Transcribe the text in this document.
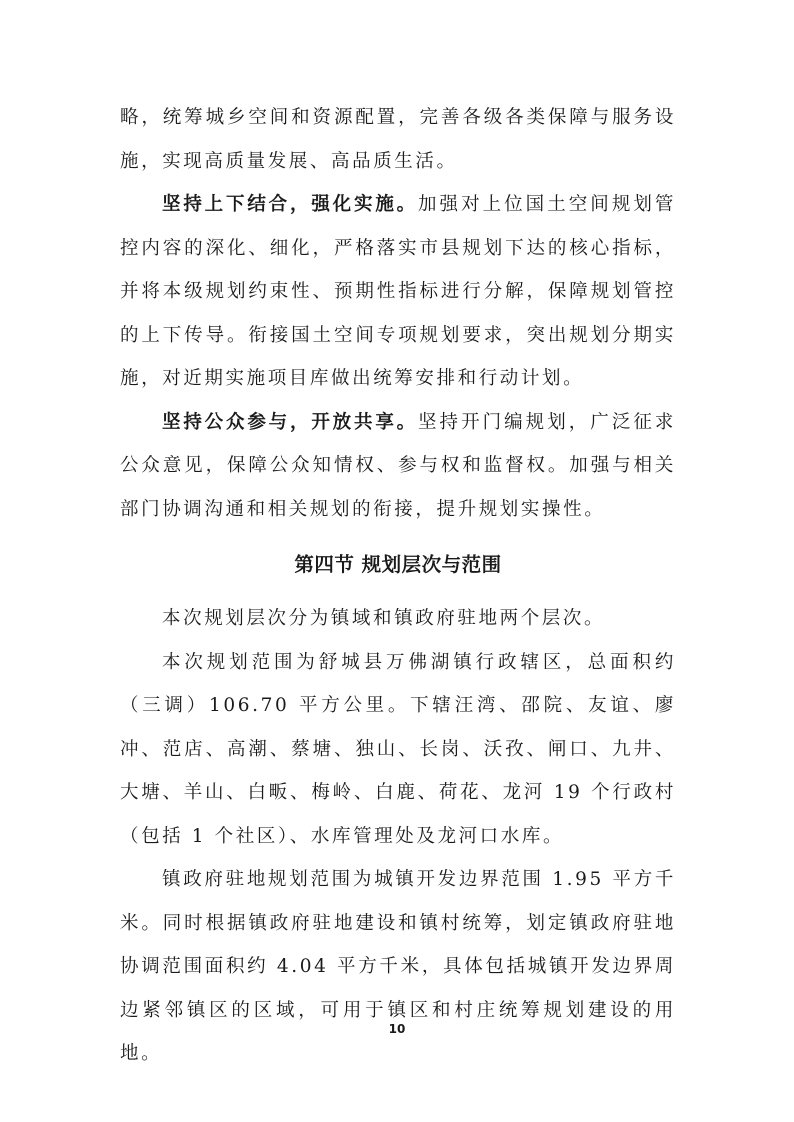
略，统筹城乡空间和资源配置，完善各级各类保障与服务设施，实现高质量发展、高品质生活。

坚持上下结合，强化实施。加强对上位国土空间规划管控内容的深化、细化，严格落实市县规划下达的核心指标，并将本级规划约束性、预期性指标进行分解，保障规划管控的上下传导。衔接国土空间专项规划要求，突出规划分期实施，对近期实施项目库做出统筹安排和行动计划。

坚持公众参与，开放共享。坚持开门编规划，广泛征求公众意见，保障公众知情权、参与权和监督权。加强与相关部门协调沟通和相关规划的衔接，提升规划实操性。

第四节 规划层次与范围

本次规划层次分为镇域和镇政府驻地两个层次。

本次规划范围为舒城县万佛湖镇行政辖区，总面积约（三调）106.70 平方公里。下辖汪湾、邵院、友谊、廖冲、范店、高潮、蔡塘、独山、长岗、沃孜、闸口、九井、大塘、羊山、白畈、梅岭、白鹿、荷花、龙河 19 个行政村（包括 1 个社区）、水库管理处及龙河口水库。

镇政府驻地规划范围为城镇开发边界范围 1.95 平方千米。同时根据镇政府驻地建设和镇村统筹，划定镇政府驻地协调范围面积约 4.04 平方千米，具体包括城镇开发边界周边紧邻镇区的区域，可用于镇区和村庄统筹规划建设的用地。

10
